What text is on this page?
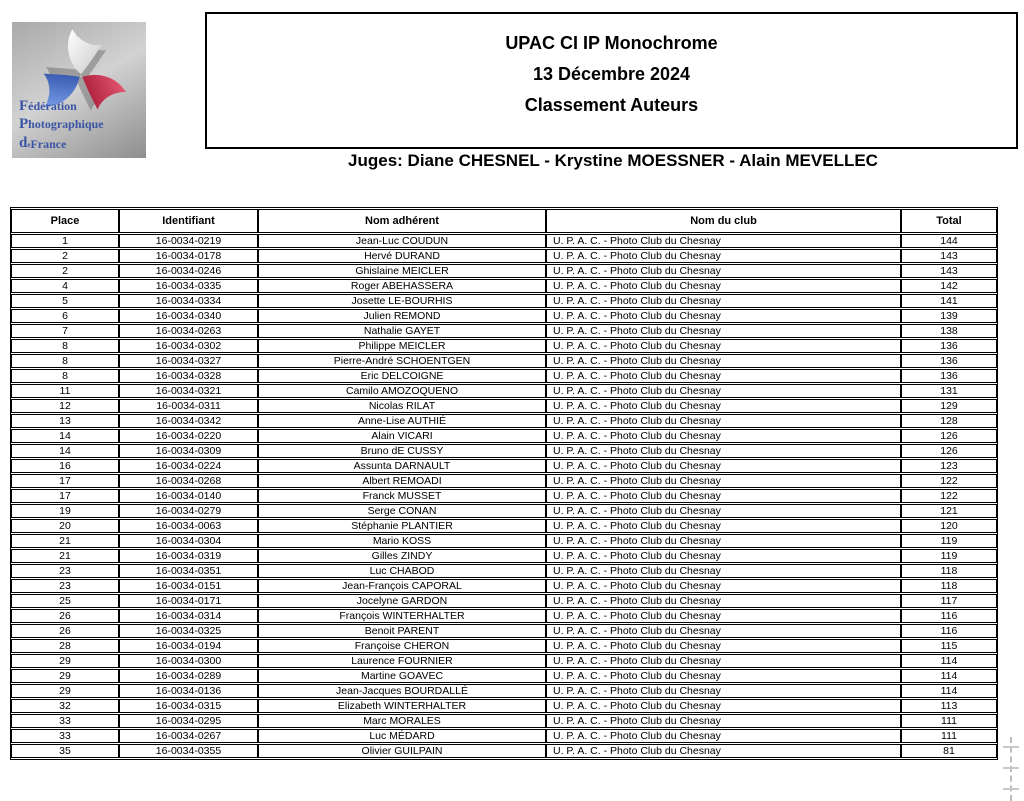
Fédération
Photographique
deFrance
UPAC CI IP Monochrome
13 Décembre 2024
Classement Auteurs
Juges: Diane CHESNEL - Krystine MOESSNER - Alain MEVELLEC
Place	Identifiant	Nom adhérent	Nom du club	Total
1	16-0034-0219	Jean-Luc COUDUN	U. P. A. C. - Photo Club du Chesnay	144
2	16-0034-0178	Hervé DURAND	U. P. A. C. - Photo Club du Chesnay	143
2	16-0034-0246	Ghislaine MEICLER	U. P. A. C. - Photo Club du Chesnay	143
4	16-0034-0335	Roger ABEHASSERA	U. P. A. C. - Photo Club du Chesnay	142
5	16-0034-0334	Josette LE-BOURHIS	U. P. A. C. - Photo Club du Chesnay	141
6	16-0034-0340	Julien REMOND	U. P. A. C. - Photo Club du Chesnay	139
7	16-0034-0263	Nathalie GAYET	U. P. A. C. - Photo Club du Chesnay	138
8	16-0034-0302	Philippe MEICLER	U. P. A. C. - Photo Club du Chesnay	136
8	16-0034-0327	Pierre-André SCHOENTGEN	U. P. A. C. - Photo Club du Chesnay	136
8	16-0034-0328	Eric DELCOIGNE	U. P. A. C. - Photo Club du Chesnay	136
11	16-0034-0321	Camilo AMOZOQUENO	U. P. A. C. - Photo Club du Chesnay	131
12	16-0034-0311	Nicolas RILAT	U. P. A. C. - Photo Club du Chesnay	129
13	16-0034-0342	Anne-Lise AUTHIÉ	U. P. A. C. - Photo Club du Chesnay	128
14	16-0034-0220	Alain VICARI	U. P. A. C. - Photo Club du Chesnay	126
14	16-0034-0309	Bruno dE CUSSY	U. P. A. C. - Photo Club du Chesnay	126
16	16-0034-0224	Assunta DARNAULT	U. P. A. C. - Photo Club du Chesnay	123
17	16-0034-0268	Albert REMOADI	U. P. A. C. - Photo Club du Chesnay	122
17	16-0034-0140	Franck MUSSET	U. P. A. C. - Photo Club du Chesnay	122
19	16-0034-0279	Serge CONAN	U. P. A. C. - Photo Club du Chesnay	121
20	16-0034-0063	Stéphanie PLANTIER	U. P. A. C. - Photo Club du Chesnay	120
21	16-0034-0304	Mario KOSS	U. P. A. C. - Photo Club du Chesnay	119
21	16-0034-0319	Gilles ZINDY	U. P. A. C. - Photo Club du Chesnay	119
23	16-0034-0351	Luc CHABOD	U. P. A. C. - Photo Club du Chesnay	118
23	16-0034-0151	Jean-François CAPORAL	U. P. A. C. - Photo Club du Chesnay	118
25	16-0034-0171	Jocelyne GARDON	U. P. A. C. - Photo Club du Chesnay	117
26	16-0034-0314	François WINTERHALTER	U. P. A. C. - Photo Club du Chesnay	116
26	16-0034-0325	Benoit PARENT	U. P. A. C. - Photo Club du Chesnay	116
28	16-0034-0194	Françoise CHERON	U. P. A. C. - Photo Club du Chesnay	115
29	16-0034-0300	Laurence FOURNIER	U. P. A. C. - Photo Club du Chesnay	114
29	16-0034-0289	Martine GOAVEC	U. P. A. C. - Photo Club du Chesnay	114
29	16-0034-0136	Jean-Jacques BOURDALLÉ	U. P. A. C. - Photo Club du Chesnay	114
32	16-0034-0315	Elizabeth WINTERHALTER	U. P. A. C. - Photo Club du Chesnay	113
33	16-0034-0295	Marc MORALES	U. P. A. C. - Photo Club du Chesnay	111
33	16-0034-0267	Luc MÉDARD	U. P. A. C. - Photo Club du Chesnay	111
35	16-0034-0355	Olivier GUILPAIN	U. P. A. C. - Photo Club du Chesnay	81
